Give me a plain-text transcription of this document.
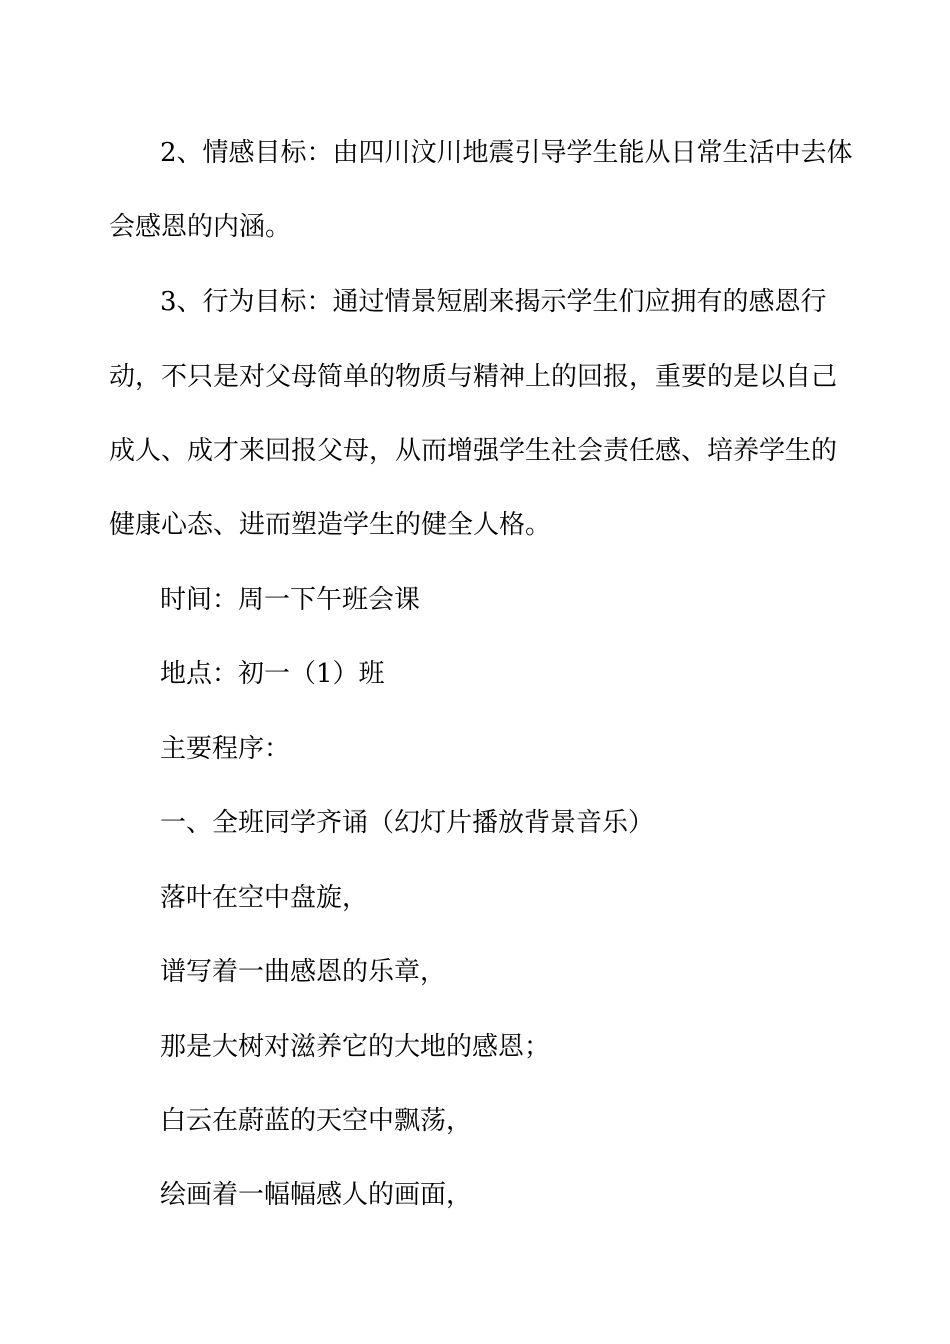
2、情感目标：由四川汶川地震引导学生能从日常生活中去体
会感恩的内涵。
3、行为目标：通过情景短剧来揭示学生们应拥有的感恩行
动，不只是对父母简单的物质与精神上的回报，重要的是以自己
成人、成才来回报父母，从而增强学生社会责任感、培养学生的
健康心态、进而塑造学生的健全人格。
时间：周一下午班会课
地点：初一（1）班
主要程序：
一、全班同学齐诵（幻灯片播放背景音乐）
落叶在空中盘旋，
谱写着一曲感恩的乐章，
那是大树对滋养它的大地的感恩；
白云在蔚蓝的天空中飘荡，
绘画着一幅幅感人的画面，
